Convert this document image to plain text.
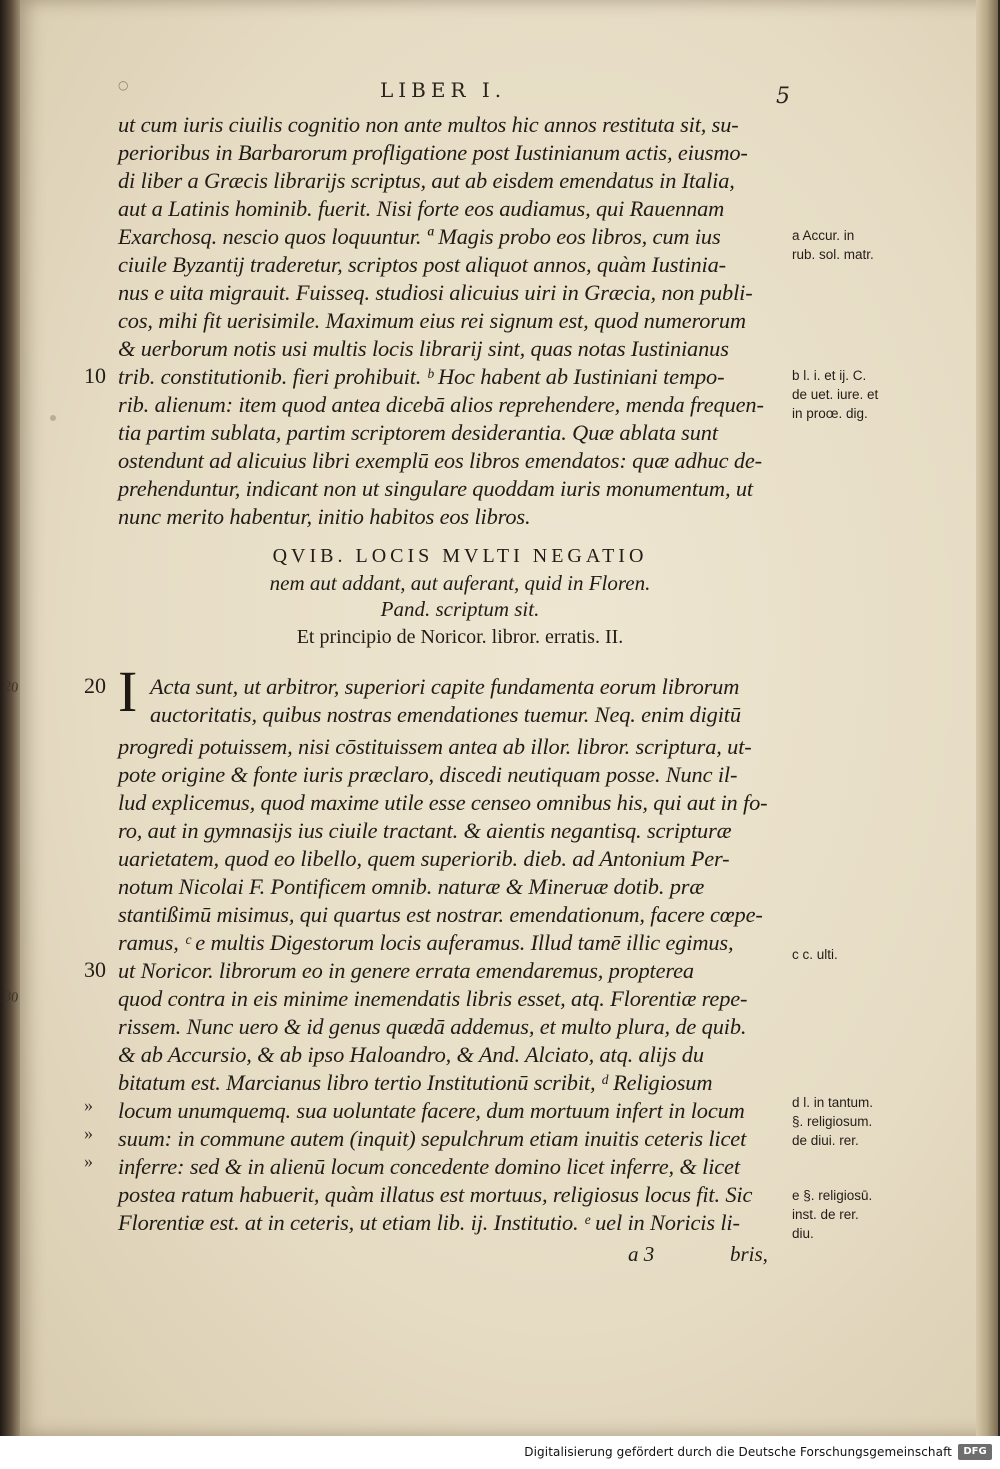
○	LIBER I.	5
ut cum iuris ciuilis cognitio non ante multos hic annos restituta sit, su-
perioribus in Barbarorum profligatione post Iustinianum actis, eiusmo-
di liber a Græcis librarijs scriptus, aut ab eisdem emendatus in Italia,
aut a Latinis hominib. fuerit. Nisi forte eos audiamus, qui Rauennam
Exarchosq. nescio quos loquuntur. ª Magis probo eos libros, cum ius
ciuile Byzantij traderetur, scriptos post aliquot annos, quàm Iustinia-
nus e uita migrauit. Fuisseq. studiosi alicuius uiri in Græcia, non publi-
cos, mihi fit uerisimile. Maximum eius rei signum est, quod numerorum
& uerborum notis usi multis locis librarij sint, quas notas Iustinianus
trib. constitutionib. fieri prohibuit. ᵇ Hoc habent ab Iustiniani tempo-
rib. alienum: item quod antea dicebā alios reprehendere, menda frequen-
tia partim sublata, partim scriptorem desiderantia. Quæ ablata sunt
ostendunt ad alicuius libri exemplū eos libros emendatos: quæ adhuc de-
prehenduntur, indicant non ut singulare quoddam iuris monumentum, ut
nunc merito habentur, initio habitos eos libros.
10
QVIB. LOCIS MVLTI NEGATIO
nem aut addant, aut auferant, quid in Floren.
Pand. scriptum sit.
Et principio de Noricor. libror. erratis. II.
I Acta sunt, ut arbitror, superiori capite fundamenta eorum librorum
auctoritatis, quibus nostras emendationes tuemur. Neq. enim digitū
progredi potuissem, nisi cōstituissem antea ab illor. libror. scriptura, ut-
pote origine & fonte iuris præclaro, discedi neutiquam posse. Nunc il-
lud explicemus, quod maxime utile esse censeo omnibus his, qui aut in fo-
ro, aut in gymnasijs ius ciuile tractant. & aientis negantisq. scripturæ
uarietatem, quod eo libello, quem superiorib. dieb. ad Antonium Per-
notum Nicolai F. Pontificem omnib. naturæ & Mineruæ dotib. præ
stantißimū misimus, qui quartus est nostrar. emendationum, facere cœpe-
ramus, ᶜ e multis Digestorum locis auferamus. Illud tamē illic egimus,
ut Noricor. librorum eo in genere errata emendaremus, propterea
quod contra in eis minime inemendatis libris esset, atq. Florentiæ repe-
rissem. Nunc uero & id genus quædā addemus, et multo plura, de quib.
& ab Accursio, & ab ipso Haloandro, & And. Alciato, atq. alijs du
bitatum est. Marcianus libro tertio Institutionū scribit, ᵈ Religiosum
locum unumquemq. sua uoluntate facere, dum mortuum infert in locum
suum: in commune autem (inquit) sepulchrum etiam inuitis ceteris licet
inferre: sed & in alienū locum concedente domino licet inferre, & licet
postea ratum habuerit, quàm illatus est mortuus, religiosus locus fit. Sic
Florentiæ est. at in ceteris, ut etiam lib. ij. Institutio. ᵉ uel in Noricis li-
20
30
»
»
»
a Accur. in
rub. sol. matr.
b l. i. et ij. C.
de uet. iure. et
in proœ. dig.
c c. ulti.
d l. in tantum.
§. religiosum.
de diui. rer.
e §. religiosū.
inst. de rer.
diu.
a 3	bris,
20
30
Digitalisierung gefördert durch die Deutsche Forschungsgemeinschaft	DFG
